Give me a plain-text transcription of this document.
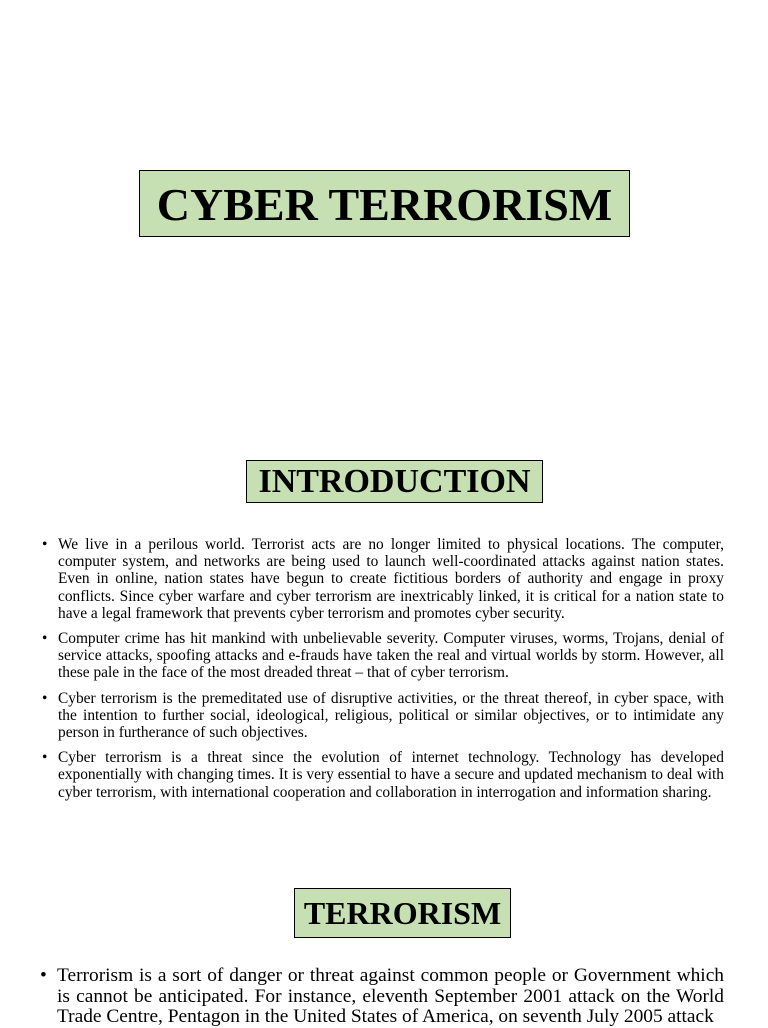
CYBER TERRORISM
INTRODUCTION
• We live in a perilous world. Terrorist acts are no longer limited to physical locations. The computer, computer system, and networks are being used to launch well-coordinated attacks against nation states. Even in online, nation states have begun to create fictitious borders of authority and engage in proxy conflicts. Since cyber warfare and cyber terrorism are inextricably linked, it is critical for a nation state to have a legal framework that prevents cyber terrorism and promotes cyber security.
• Computer crime has hit mankind with unbelievable severity. Computer viruses, worms, Trojans, denial of service attacks, spoofing attacks and e-frauds have taken the real and virtual worlds by storm. However, all these pale in the face of the most dreaded threat – that of cyber terrorism.
• Cyber terrorism is the premeditated use of disruptive activities, or the threat thereof, in cyber space, with the intention to further social, ideological, religious, political or similar objectives, or to intimidate any person in furtherance of such objectives.
• Cyber terrorism is a threat since the evolution of internet technology. Technology has developed exponentially with changing times. It is very essential to have a secure and updated mechanism to deal with cyber terrorism, with international cooperation and collaboration in interrogation and information sharing.
TERRORISM
• Terrorism is a sort of danger or threat against common people or Government which is cannot be anticipated. For instance, eleventh September 2001 attack on the World Trade Centre, Pentagon in the United States of America, on seventh July 2005 attack
